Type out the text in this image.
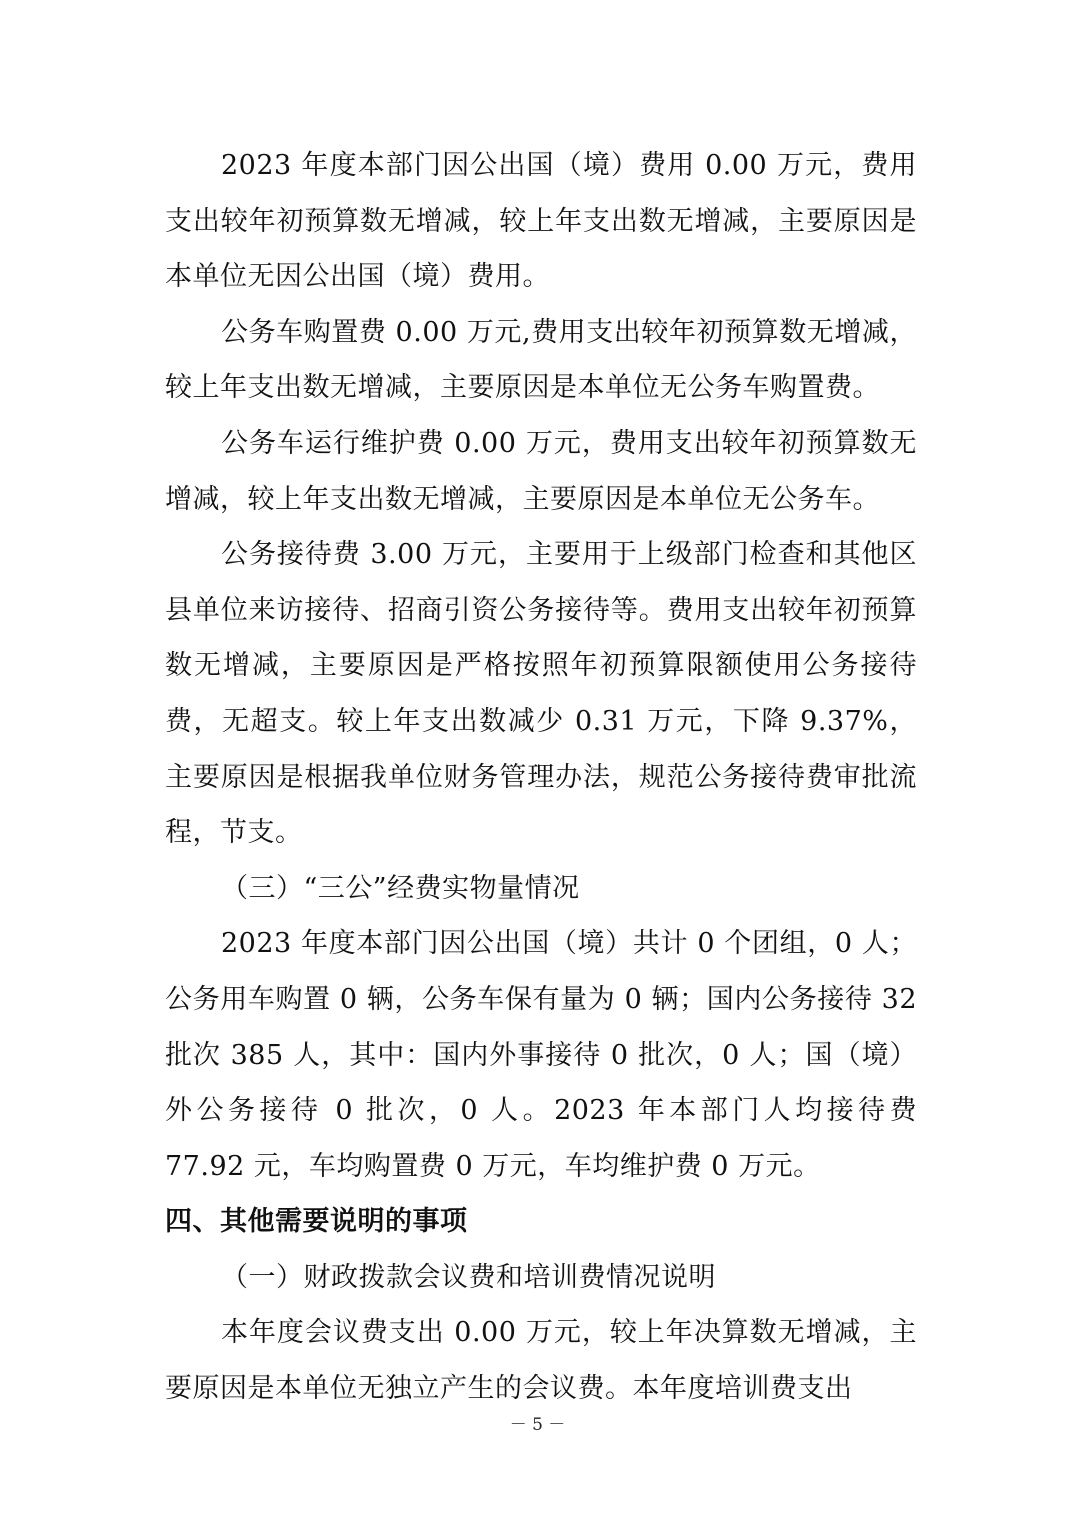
2023 年度本部门因公出国（境）费用 0.00 万元，费用支出较年初预算数无增减，较上年支出数无增减，主要原因是本单位无因公出国（境）费用。

公务车购置费 0.00 万元,费用支出较年初预算数无增减，较上年支出数无增减，主要原因是本单位无公务车购置费。

公务车运行维护费 0.00 万元，费用支出较年初预算数无增减，较上年支出数无增减，主要原因是本单位无公务车。

公务接待费 3.00 万元，主要用于上级部门检查和其他区县单位来访接待、招商引资公务接待等。费用支出较年初预算数无增减，主要原因是严格按照年初预算限额使用公务接待费，无超支。较上年支出数减少 0.31 万元，下降 9.37%，主要原因是根据我单位财务管理办法，规范公务接待费审批流程，节支。

（三）“三公”经费实物量情况

2023 年度本部门因公出国（境）共计 0 个团组，0 人；公务用车购置 0 辆，公务车保有量为 0 辆；国内公务接待 32 批次 385 人，其中：国内外事接待 0 批次，0 人；国（境）外公务接待 0 批次，0 人。2023 年本部门人均接待费 77.92 元，车均购置费 0 万元，车均维护费 0 万元。

四、其他需要说明的事项

（一）财政拨款会议费和培训费情况说明

本年度会议费支出 0.00 万元，较上年决算数无增减，主要原因是本单位无独立产生的会议费。本年度培训费支出

－ 5 －
